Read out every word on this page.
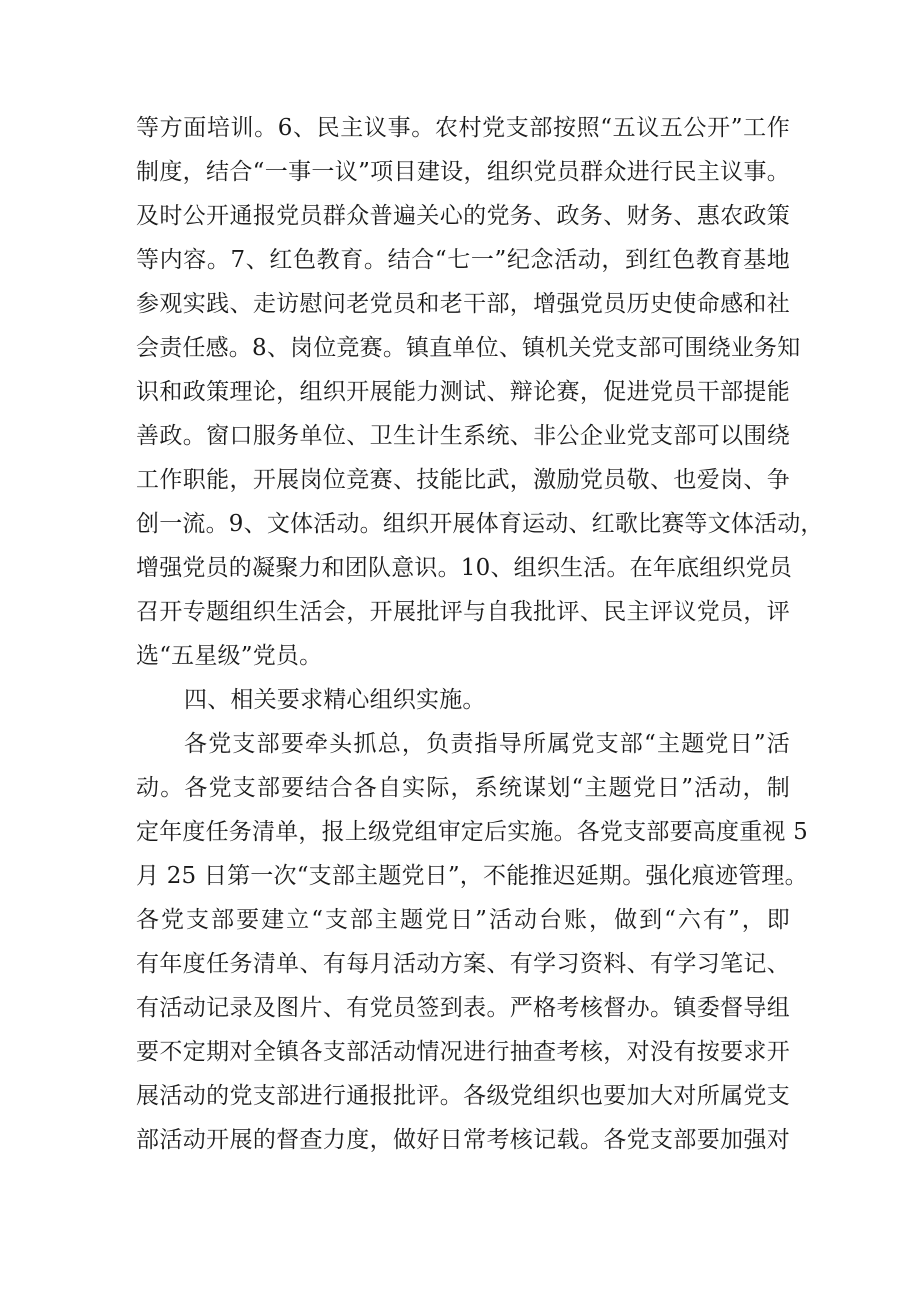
等方面培训。6、民主议事。农村党支部按照“五议五公开”工作
制度，结合“一事一议”项目建设，组织党员群众进行民主议事。
及时公开通报党员群众普遍关心的党务、政务、财务、惠农政策
等内容。7、红色教育。结合“七一”纪念活动，到红色教育基地
参观实践、走访慰问老党员和老干部，增强党员历史使命感和社
会责任感。8、岗位竞赛。镇直单位、镇机关党支部可围绕业务知
识和政策理论，组织开展能力测试、辩论赛，促进党员干部提能
善政。窗口服务单位、卫生计生系统、非公企业党支部可以围绕
工作职能，开展岗位竞赛、技能比武，激励党员敬、也爱岗、争
创一流。9、文体活动。组织开展体育运动、红歌比赛等文体活动，
增强党员的凝聚力和团队意识。10、组织生活。在年底组织党员
召开专题组织生活会，开展批评与自我批评、民主评议党员，评
选“五星级”党员。
四、相关要求精心组织实施。
各党支部要牵头抓总，负责指导所属党支部“主题党日”活
动。各党支部要结合各自实际，系统谋划“主题党日”活动，制
定年度任务清单，报上级党组审定后实施。各党支部要高度重视 5
月 25 日第一次“支部主题党日”，不能推迟延期。强化痕迹管理。
各党支部要建立“支部主题党日”活动台账，做到“六有”，即
有年度任务清单、有每月活动方案、有学习资料、有学习笔记、
有活动记录及图片、有党员签到表。严格考核督办。镇委督导组
要不定期对全镇各支部活动情况进行抽查考核，对没有按要求开
展活动的党支部进行通报批评。各级党组织也要加大对所属党支
部活动开展的督查力度，做好日常考核记载。各党支部要加强对
